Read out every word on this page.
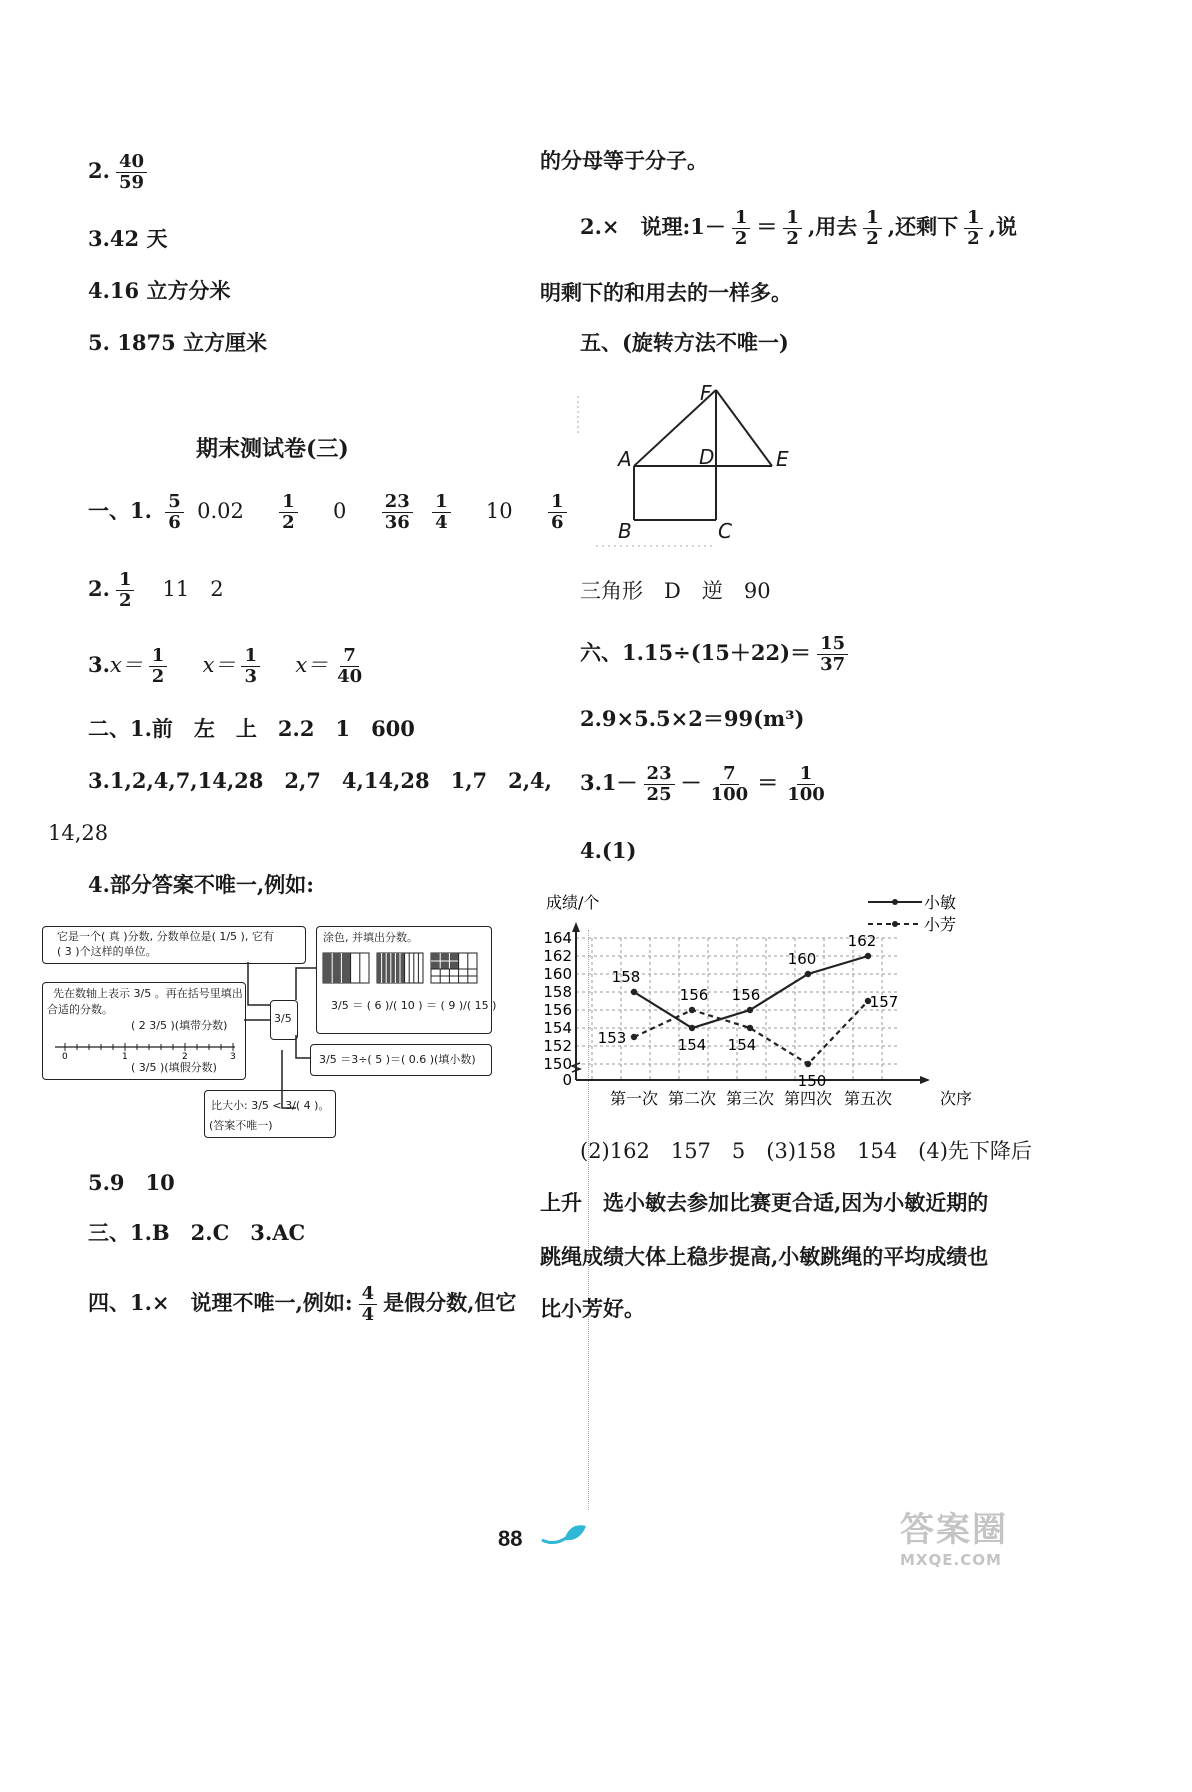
2. $\frac{40}{59}$
3.42 天
4.16 立方分米
5. 1875 立方厘米
期末测试卷(三)
一、1. $\frac{5}{6} 0.02 \frac{1}{2} 0 \frac{23}{36}$
$\frac{1}{4} 10 \frac{1}{6}$
2. $\frac{1}{2} 11$　2
$3.x= \frac{1}{2} x= \frac{1}{3} x= \frac{7}{40}$
二、1.前　左　上　2.2　1　600
3.1,2,4,7,14,28　2,7　4,14,28　1,7　2,4,
14,28
4.部分答案不唯一,例如:
它是一个( 真 )分数, 分数单位是( 1/5 ), 它有
( 3 )个这样的单位。
先在数轴上表示 3/5 。再在括号里填出
合适的分数。
( 2 3/5 )(填带分数)
0	1	2	3
( 3/5 )(填假分数)
3/5
涂色, 并填出分数。
3/5 ＝ ( 6 )/( 10 ) ＝ ( 9 )/( 15 )
3/5 ＝3÷( 5 )＝( 0.6 )(填小数)
比大小: 3/5 < 3/( 4 )。
(答案不唯一)
5.9　10
三、1.B　2.C　3.AC
四、1.×　说理不唯一,例如: $\frac{4}{4}$ 是假分数,但它
的分母等于分子。
2.×　说理:1－ $\frac{1}{2} = \frac{1}{2}$ ,用去 $\frac{1}{2}$ ,还剩下 $\frac{1}{2}$ ,说
明剩下的和用去的一样多。
五、(旋转方法不唯一)
F
A	D	E
B	C
三角形　D　逆　90
六、$1.15\div(15+22)= \frac{15}{37}$
2.9×5.5×2＝99(m³)
$3.1- \frac{23}{25} - \frac{7}{100} = \frac{1}{100}$
4.(1)
成绩/个
次序
小敏
小芳
0
150
152
154
156
158
160
162
164
第一次 第二次 第三次 第四次 第五次
158
154
156
160
162
153
156
154
150
157
(2)162　157　5　(3)158　154　(4)先下降后
上升　选小敏去参加比赛更合适,因为小敏近期的
跳绳成绩大体上稳步提高,小敏跳绳的平均成绩也
比小芳好。
88	答案圈
MXQE.COM
